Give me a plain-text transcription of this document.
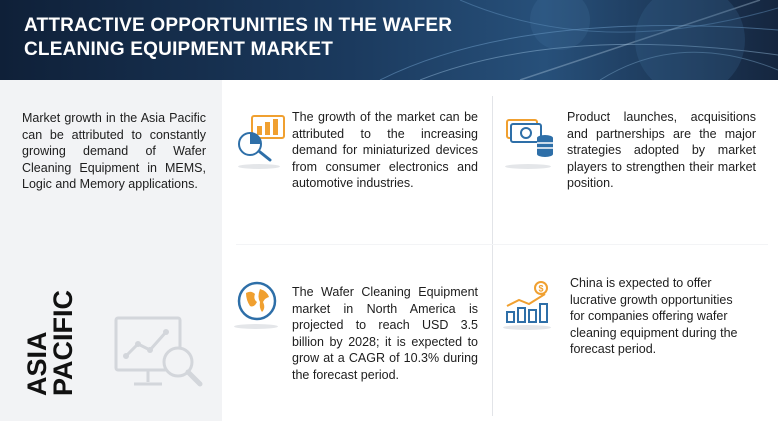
ATTRACTIVE OPPORTUNITIES IN THE WAFER
CLEANING EQUIPMENT MARKET

Market growth in the Asia Pacific can be attributed to constantly growing demand of Wafer Cleaning Equipment in MEMS, Logic and Memory applications.

ASIA
PACIFIC

The growth of the market can be attributed to the increasing demand for miniaturized devices from consumer electronics and automotive industries.

Product launches, acquisitions and partnerships are the major strategies adopted by market players to strengthen their market position.

The Wafer Cleaning Equipment market in North America is projected to reach USD 3.5 billion by 2028; it is expected to grow at a CAGR of 10.3% during the forecast period.

$ China is expected to offer lucrative growth opportunities for companies offering wafer cleaning equipment during the forecast period.
